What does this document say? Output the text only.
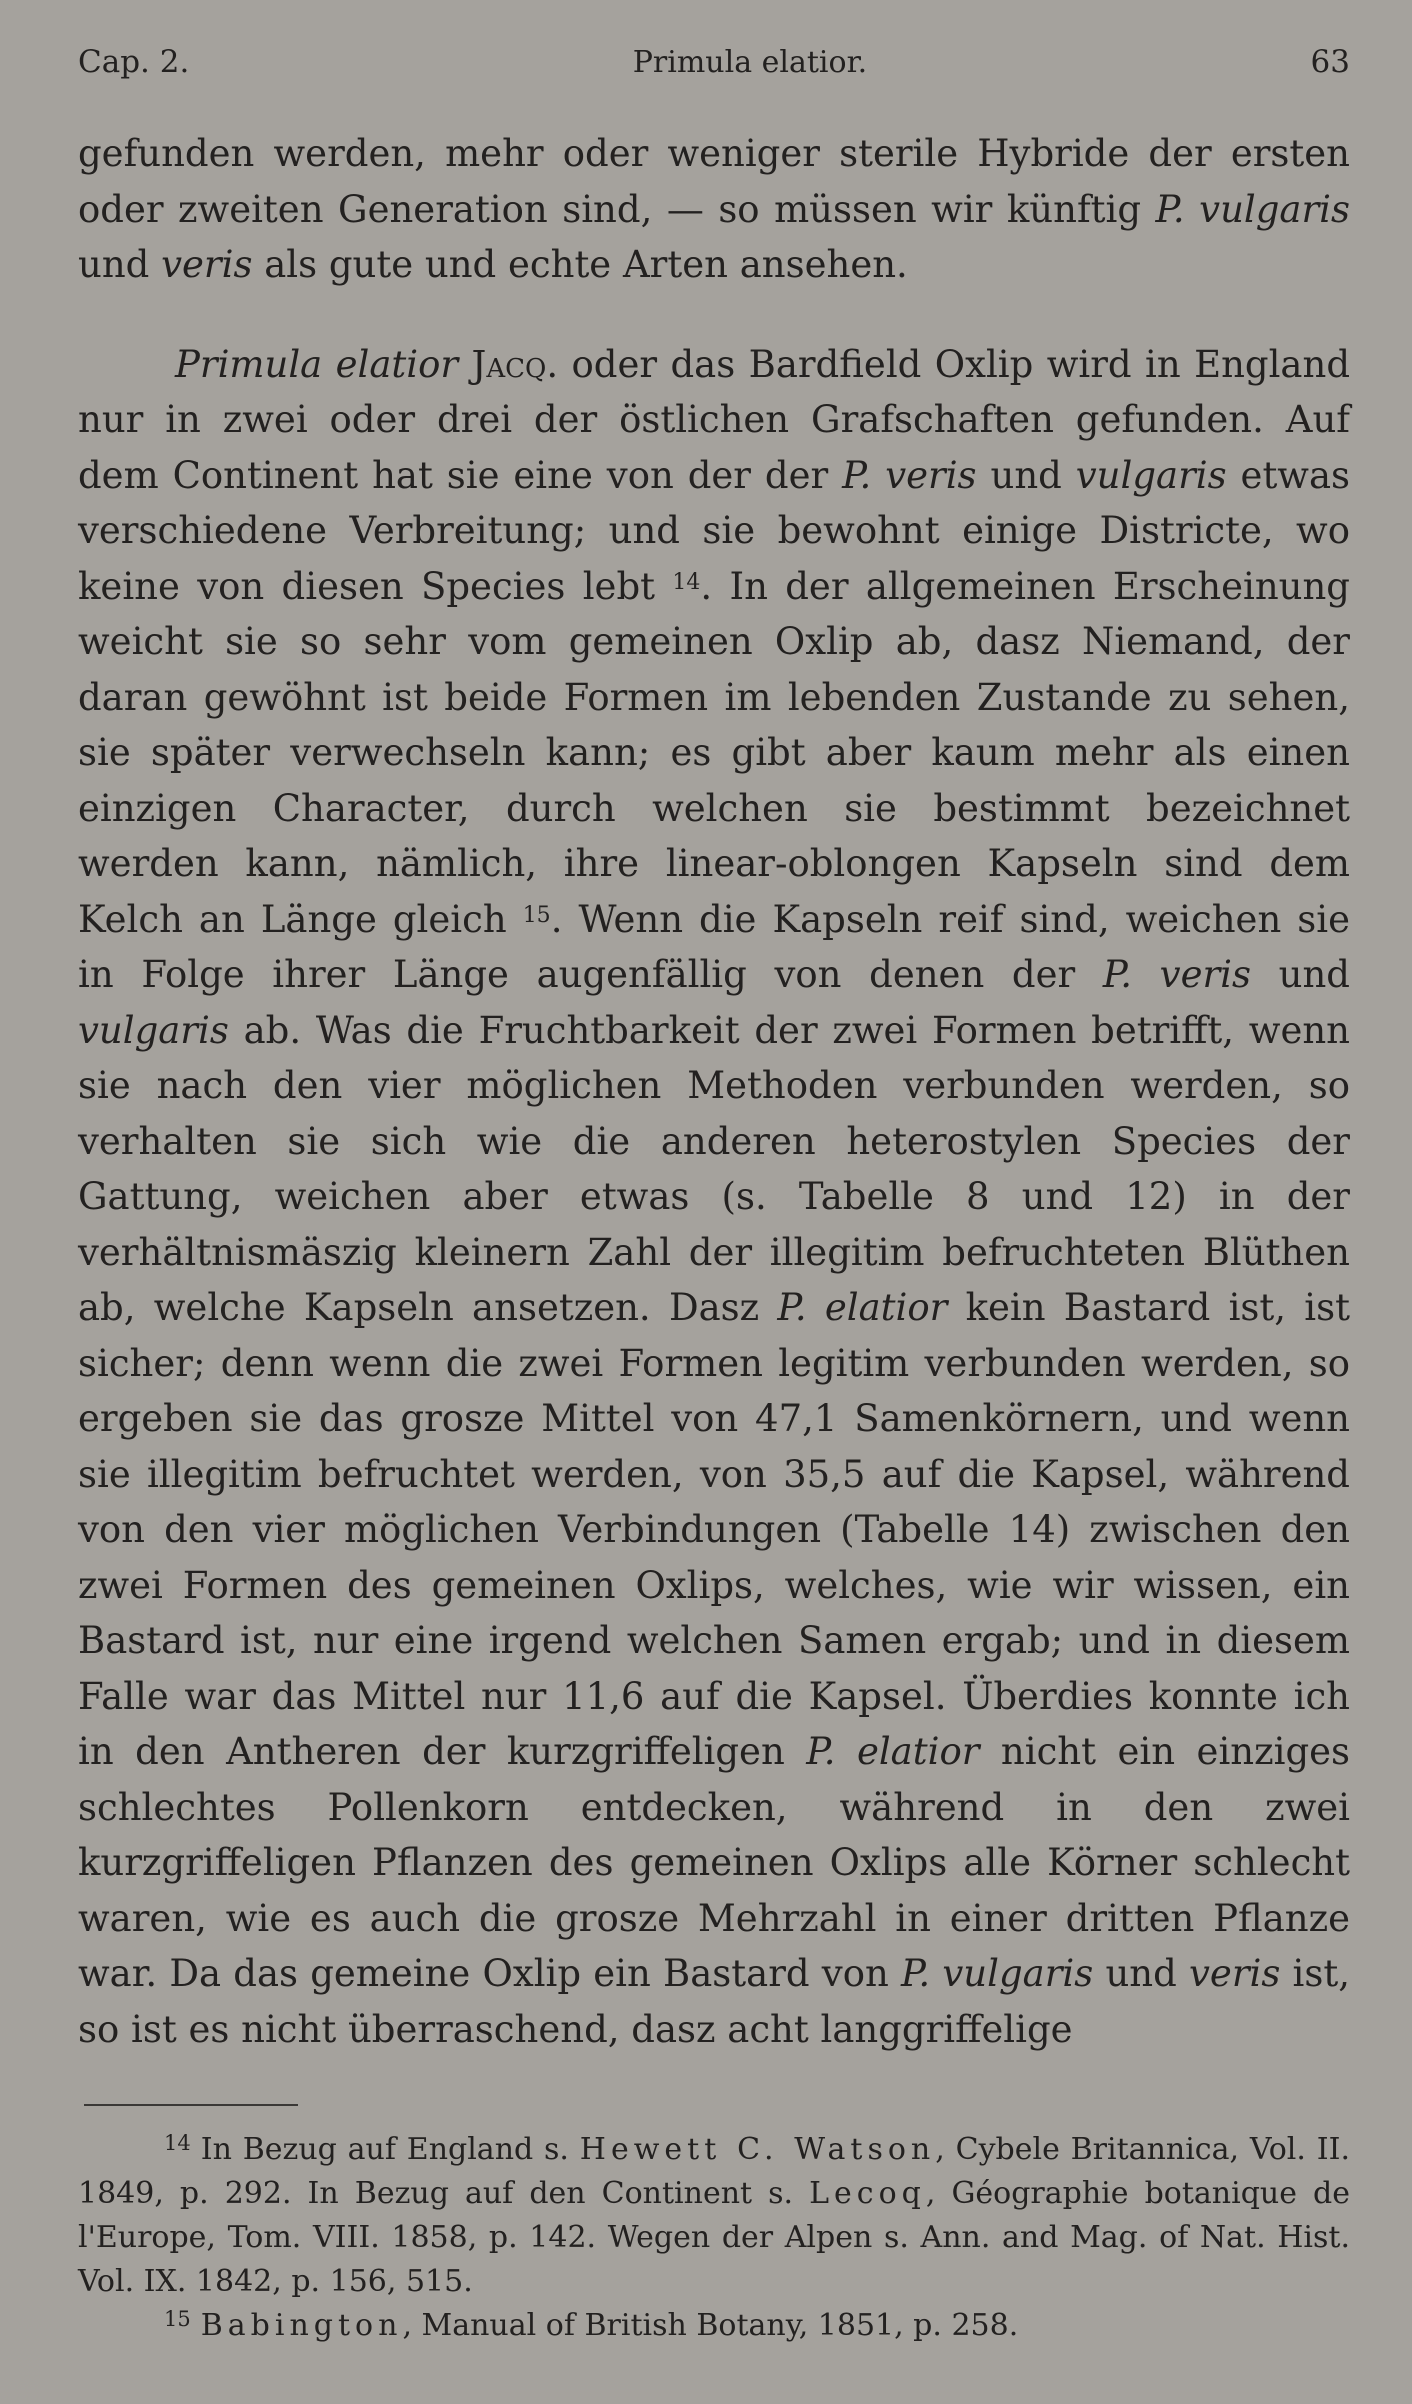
Cap. 2.	Primula elatior.	63

gefunden werden, mehr oder weniger sterile Hybride der ersten oder zweiten Generation sind, — so müssen wir künftig P. vulgaris und veris als gute und echte Arten ansehen.

Primula elatior Jacq. oder das Bardfield Oxlip wird in England nur in zwei oder drei der östlichen Grafschaften gefunden. Auf dem Continent hat sie eine von der der P. veris und vulgaris etwas verschiedene Verbreitung; und sie bewohnt einige Districte, wo keine von diesen Species lebt $^{14}$. In der allgemeinen Erscheinung weicht sie so sehr vom gemeinen Oxlip ab, dasz Niemand, der daran gewöhnt ist beide Formen im lebenden Zustande zu sehen, sie später verwechseln kann; es gibt aber kaum mehr als einen einzigen Character, durch welchen sie bestimmt bezeichnet werden kann, nämlich, ihre linear-oblongen Kapseln sind dem Kelch an Länge gleich $^{15}$. Wenn die Kapseln reif sind, weichen sie in Folge ihrer Länge augenfällig von denen der P. veris und vulgaris ab. Was die Fruchtbarkeit der zwei Formen betrifft, wenn sie nach den vier möglichen Methoden verbunden werden, so verhalten sie sich wie die anderen heterostylen Species der Gattung, weichen aber etwas (s. Tabelle 8 und 12) in der verhältnismäszig kleinern Zahl der illegitim befruchteten Blüthen ab, welche Kapseln ansetzen. Dasz P. elatior kein Bastard ist, ist sicher; denn wenn die zwei Formen legitim verbunden werden, so ergeben sie das grosze Mittel von 47,1 Samenkörnern, und wenn sie illegitim befruchtet werden, von 35,5 auf die Kapsel, während von den vier möglichen Verbindungen (Tabelle 14) zwischen den zwei Formen des gemeinen Oxlips, welches, wie wir wissen, ein Bastard ist, nur eine irgend welchen Samen ergab; und in diesem Falle war das Mittel nur 11,6 auf die Kapsel. Überdies konnte ich in den Antheren der kurzgriffeligen P. elatior nicht ein einziges schlechtes Pollenkorn entdecken, während in den zwei kurzgriffeligen Pflanzen des gemeinen Oxlips alle Körner schlecht waren, wie es auch die grosze Mehrzahl in einer dritten Pflanze war. Da das gemeine Oxlip ein Bastard von P. vulgaris und veris ist, so ist es nicht überraschend, dasz acht langgriffelige

$^{14}$ In Bezug auf England s. Hewett C. Watson, Cybele Britannica, Vol. II. 1849, p. 292. In Bezug auf den Continent s. Lecoq, Géographie botanique de l'Europe, Tom. VIII. 1858, p. 142. Wegen der Alpen s. Ann. and Mag. of Nat. Hist. Vol. IX. 1842, p. 156, 515.

$^{15}$ Babington, Manual of British Botany, 1851, p. 258.
